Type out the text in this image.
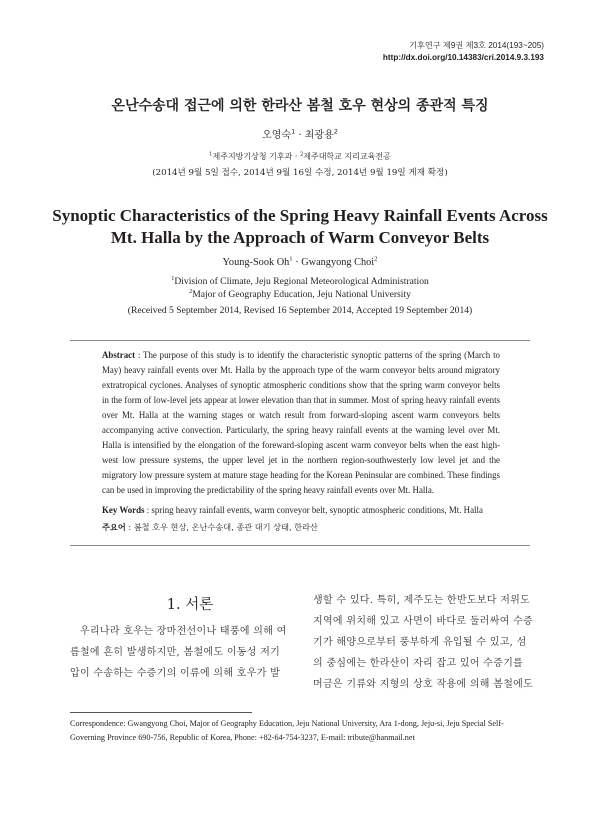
기후연구 제9권 제3호 2014(193~205)
http://dx.doi.org/10.14383/cri.2014.9.3.193
온난수송대 접근에 의한 한라산 봄철 호우 현상의 종관적 특징
오영숙$^1$ · 최광용$^2$
$^1$제주지방기상청 기후과 · $^2$제주대학교 지리교육전공
(2014년 9월 5일 접수, 2014년 9월 16일 수정, 2014년 9월 19일 게재 확정)
Synoptic Characteristics of the Spring Heavy Rainfall Events Across
Mt. Halla by the Approach of Warm Conveyor Belts
Young-Sook $Oh^1$ · Gwangyong Choi$^2$
$^1$Division of Climate, Jeju Regional Meteorological Administration
$^2$Major of Geography Education, Jeju National University
(Received 5 September 2014, Revised 16 September 2014, Accepted 19 September 2014)
Abstract : The purpose of this study is to identify the characteristic synoptic patterns of the spring (March to May) heavy rainfall events over Mt. Halla by the approach type of the warm conveyor belts around migratory extratropical cyclones. Analyses of synoptic atmospheric conditions show that the spring warm conveyor belts in the form of low-level jets appear at lower elevation than that in summer. Most of spring heavy rainfall events over Mt. Halla at the warning stages or watch result from forward-sloping ascent warm conveyors belts accompanying active convection. Particularly, the spring heavy rainfall events at the warning level over Mt. Halla is intensified by the elongation of the foreward-sloping ascent warm conveyor belts when the east high-west low pressure systems, the upper level jet in the northern region-southwesterly low level jet and the migratory low pressure system at mature stage heading for the Korean Peninsular are combined. These findings can be used in improving the predictability of the spring heavy rainfall events over Mt. Halla.
Key Words : spring heavy rainfall events, warm conveyor belt, synoptic atmospheric conditions, Mt. Halla
주요어 : 봄철 호우 현상, 온난수송대, 종관 대기 상태, 한라산
1. 서론

우리나라 호우는 장마전선이나 태풍에 의해 여

름철에 흔히 발생하지만, 봄철에도 이동성 저기

압이 수송하는 수증기의 이류에 의해 호우가 발

생할 수 있다. 특히, 제주도는 한반도보다 저위도

지역에 위치해 있고 사면이 바다로 둘러싸여 수증

기가 해양으로부터 풍부하게 유입될 수 있고, 섬

의 중심에는 한라산이 자리 잡고 있어 수증기를

머금은 기류와 지형의 상호 작용에 의해 봄철에도

Correspondence: Gwangyong Choi, Major of Geography Education, Jeju National University, Ara 1-dong, Jeju-si, Jeju Special Self-Governing Province 690-756, Republic of Korea, Phone: +82-64-754-3237, E-mail: tribute@hanmail.net
